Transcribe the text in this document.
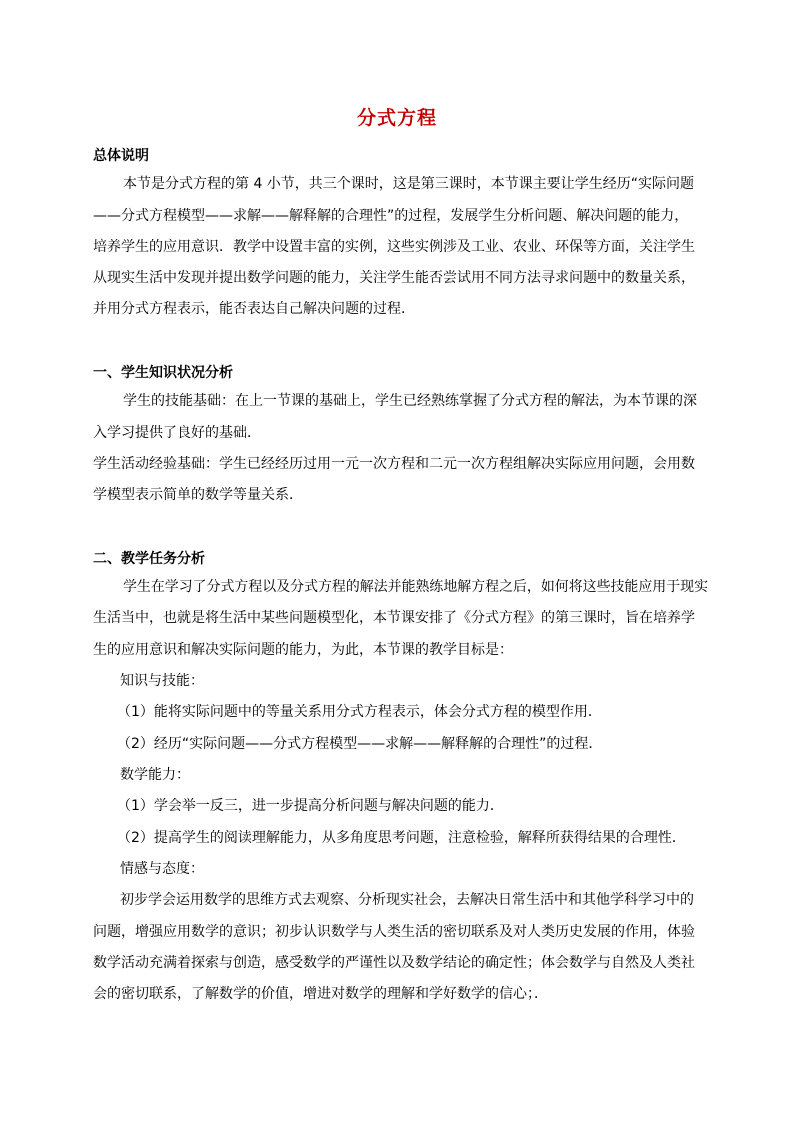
分式方程
总体说明
本节是分式方程的第 4 小节，共三个课时，这是第三课时，本节课主要让学生经历“实际问题
——分式方程模型——求解——解释解的合理性”的过程，发展学生分析问题、解决问题的能力，
培养学生的应用意识．教学中设置丰富的实例，这些实例涉及工业、农业、环保等方面，关注学生
从现实生活中发现并提出数学问题的能力，关注学生能否尝试用不同方法寻求问题中的数量关系，
并用分式方程表示，能否表达自己解决问题的过程．
一、学生知识状况分析
学生的技能基础：在上一节课的基础上，学生已经熟练掌握了分式方程的解法，为本节课的深
入学习提供了良好的基础．
学生活动经验基础：学生已经经历过用一元一次方程和二元一次方程组解决实际应用问题，会用数
学模型表示简单的数学等量关系．
二、教学任务分析
学生在学习了分式方程以及分式方程的解法并能熟练地解方程之后，如何将这些技能应用于现实
生活当中，也就是将生活中某些问题模型化，本节课安排了《分式方程》的第三课时，旨在培养学
生的应用意识和解决实际问题的能力，为此，本节课的教学目标是：
知识与技能：
（1）能将实际问题中的等量关系用分式方程表示，体会分式方程的模型作用．
（2）经历“实际问题——分式方程模型——求解——解释解的合理性”的过程．
数学能力：
（1）学会举一反三，进一步提高分析问题与解决问题的能力．
（2）提高学生的阅读理解能力，从多角度思考问题，注意检验，解释所获得结果的合理性．
情感与态度：
初步学会运用数学的思维方式去观察、分析现实社会，去解决日常生活中和其他学科学习中的
问题，增强应用数学的意识；初步认识数学与人类生活的密切联系及对人类历史发展的作用，体验
数学活动充满着探索与创造，感受数学的严谨性以及数学结论的确定性；体会数学与自然及人类社
会的密切联系，了解数学的价值，增进对数学的理解和学好数学的信心；．
